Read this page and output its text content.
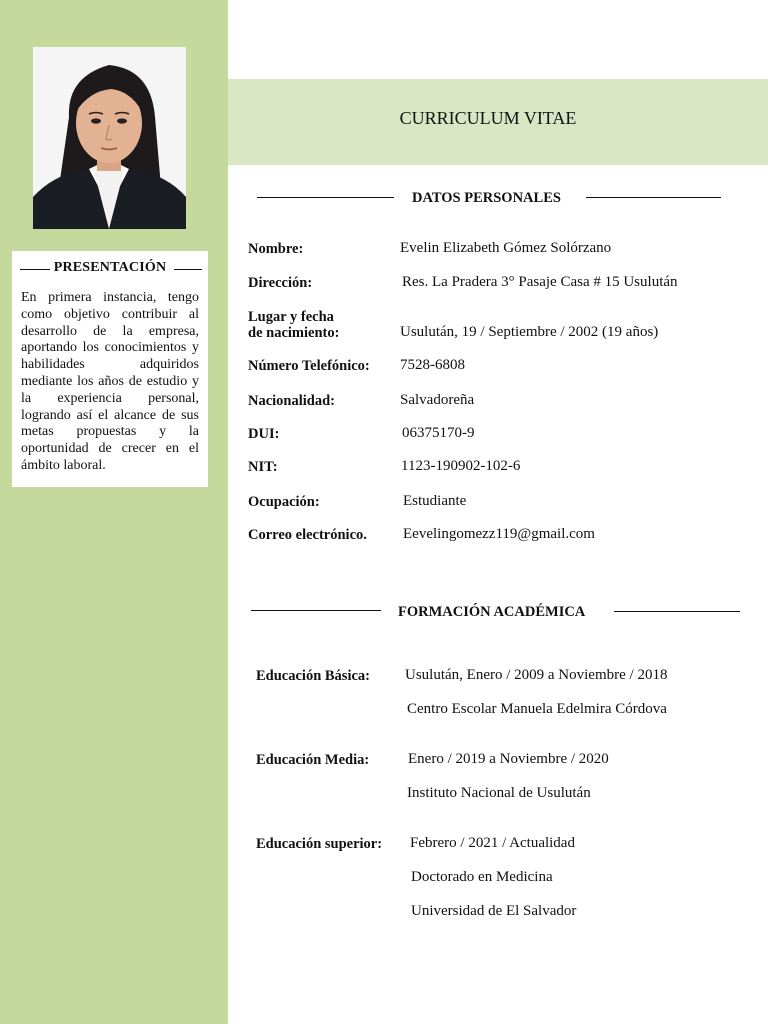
PRESENTACIÓN
En primera instancia, tengo como objetivo contribuir al desarrollo de la empresa, aportando los conocimientos y habilidades adquiridos mediante los años de estudio y la experiencia personal, logrando así el alcance de sus metas propuestas y la oportunidad de crecer en el ámbito laboral.
CURRICULUM VITAE
DATOS PERSONALES
Nombre:	Evelin Elizabeth Gómez Solórzano
Dirección:	Res. La Pradera 3° Pasaje Casa # 15 Usulután
Lugar y fecha
de nacimiento:	Usulután, 19 / Septiembre / 2002 (19 años)
Número Telefónico: 7528-6808
Nacionalidad:	Salvadoreña
DUI:	06375170-9
NIT:	1123-190902-102-6
Ocupación:	Estudiante
Correo electrónico. Eevelingomezz119@gmail.com
FORMACIÓN ACADÉMICA
Educación Básica: Usulután, Enero / 2009 a Noviembre / 2018
Centro Escolar Manuela Edelmira Córdova
Educación Media:	Enero / 2019 a Noviembre / 2020
Instituto Nacional de Usulután
Educación superior: Febrero / 2021 / Actualidad
Doctorado en Medicina
Universidad de El Salvador
